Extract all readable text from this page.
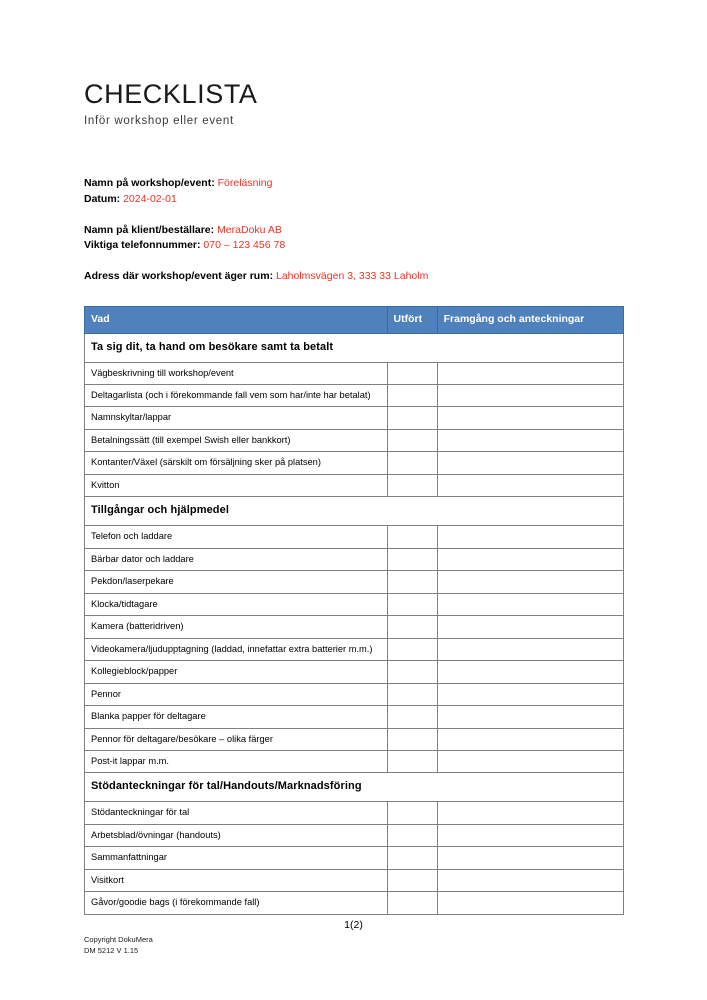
CHECKLISTA

Inför workshop eller event

Namn på workshop/event: Föreläsning
Datum: 2024-02-01
Namn på klient/beställare: MeraDoku AB
Viktiga telefonnummer: 070 – 123 456 78
Adress där workshop/event äger rum: Laholmsvägen 3, 333 33 Laholm
Vad	Utfört	Framgång och anteckningar
Ta sig dit, ta hand om besökare samt ta betalt		
Vägbeskrivning till workshop/event		
Deltagarlista (och i förekommande fall vem som har/inte har betalat)		
Namnskyltar/lappar		
Betalningssätt (till exempel Swish eller bankkort)		
Kontanter/Växel (särskilt om försäljning sker på platsen)		
Kvitton		
Tillgångar och hjälpmedel		
Telefon och laddare		
Bärbar dator och laddare		
Pekdon/laserpekare		
Klocka/tidtagare		
Kamera (batteridriven)		
Videokamera/ljudupptagning (laddad, innefattar extra batterier m.m.)		
Kollegieblock/papper		
Pennor		
Blanka papper för deltagare		
Pennor för deltagare/besökare – olika färger		
Post-it lappar m.m.		
Stödanteckningar för tal/Handouts/Marknadsföring		
Stödanteckningar för tal		
Arbetsblad/övningar (handouts)		
Sammanfattningar		
Visitkort		
Gåvor/goodie bags (i förekommande fall)		
1(2)
Copyright DokuMera
DM 5212 V 1.15
